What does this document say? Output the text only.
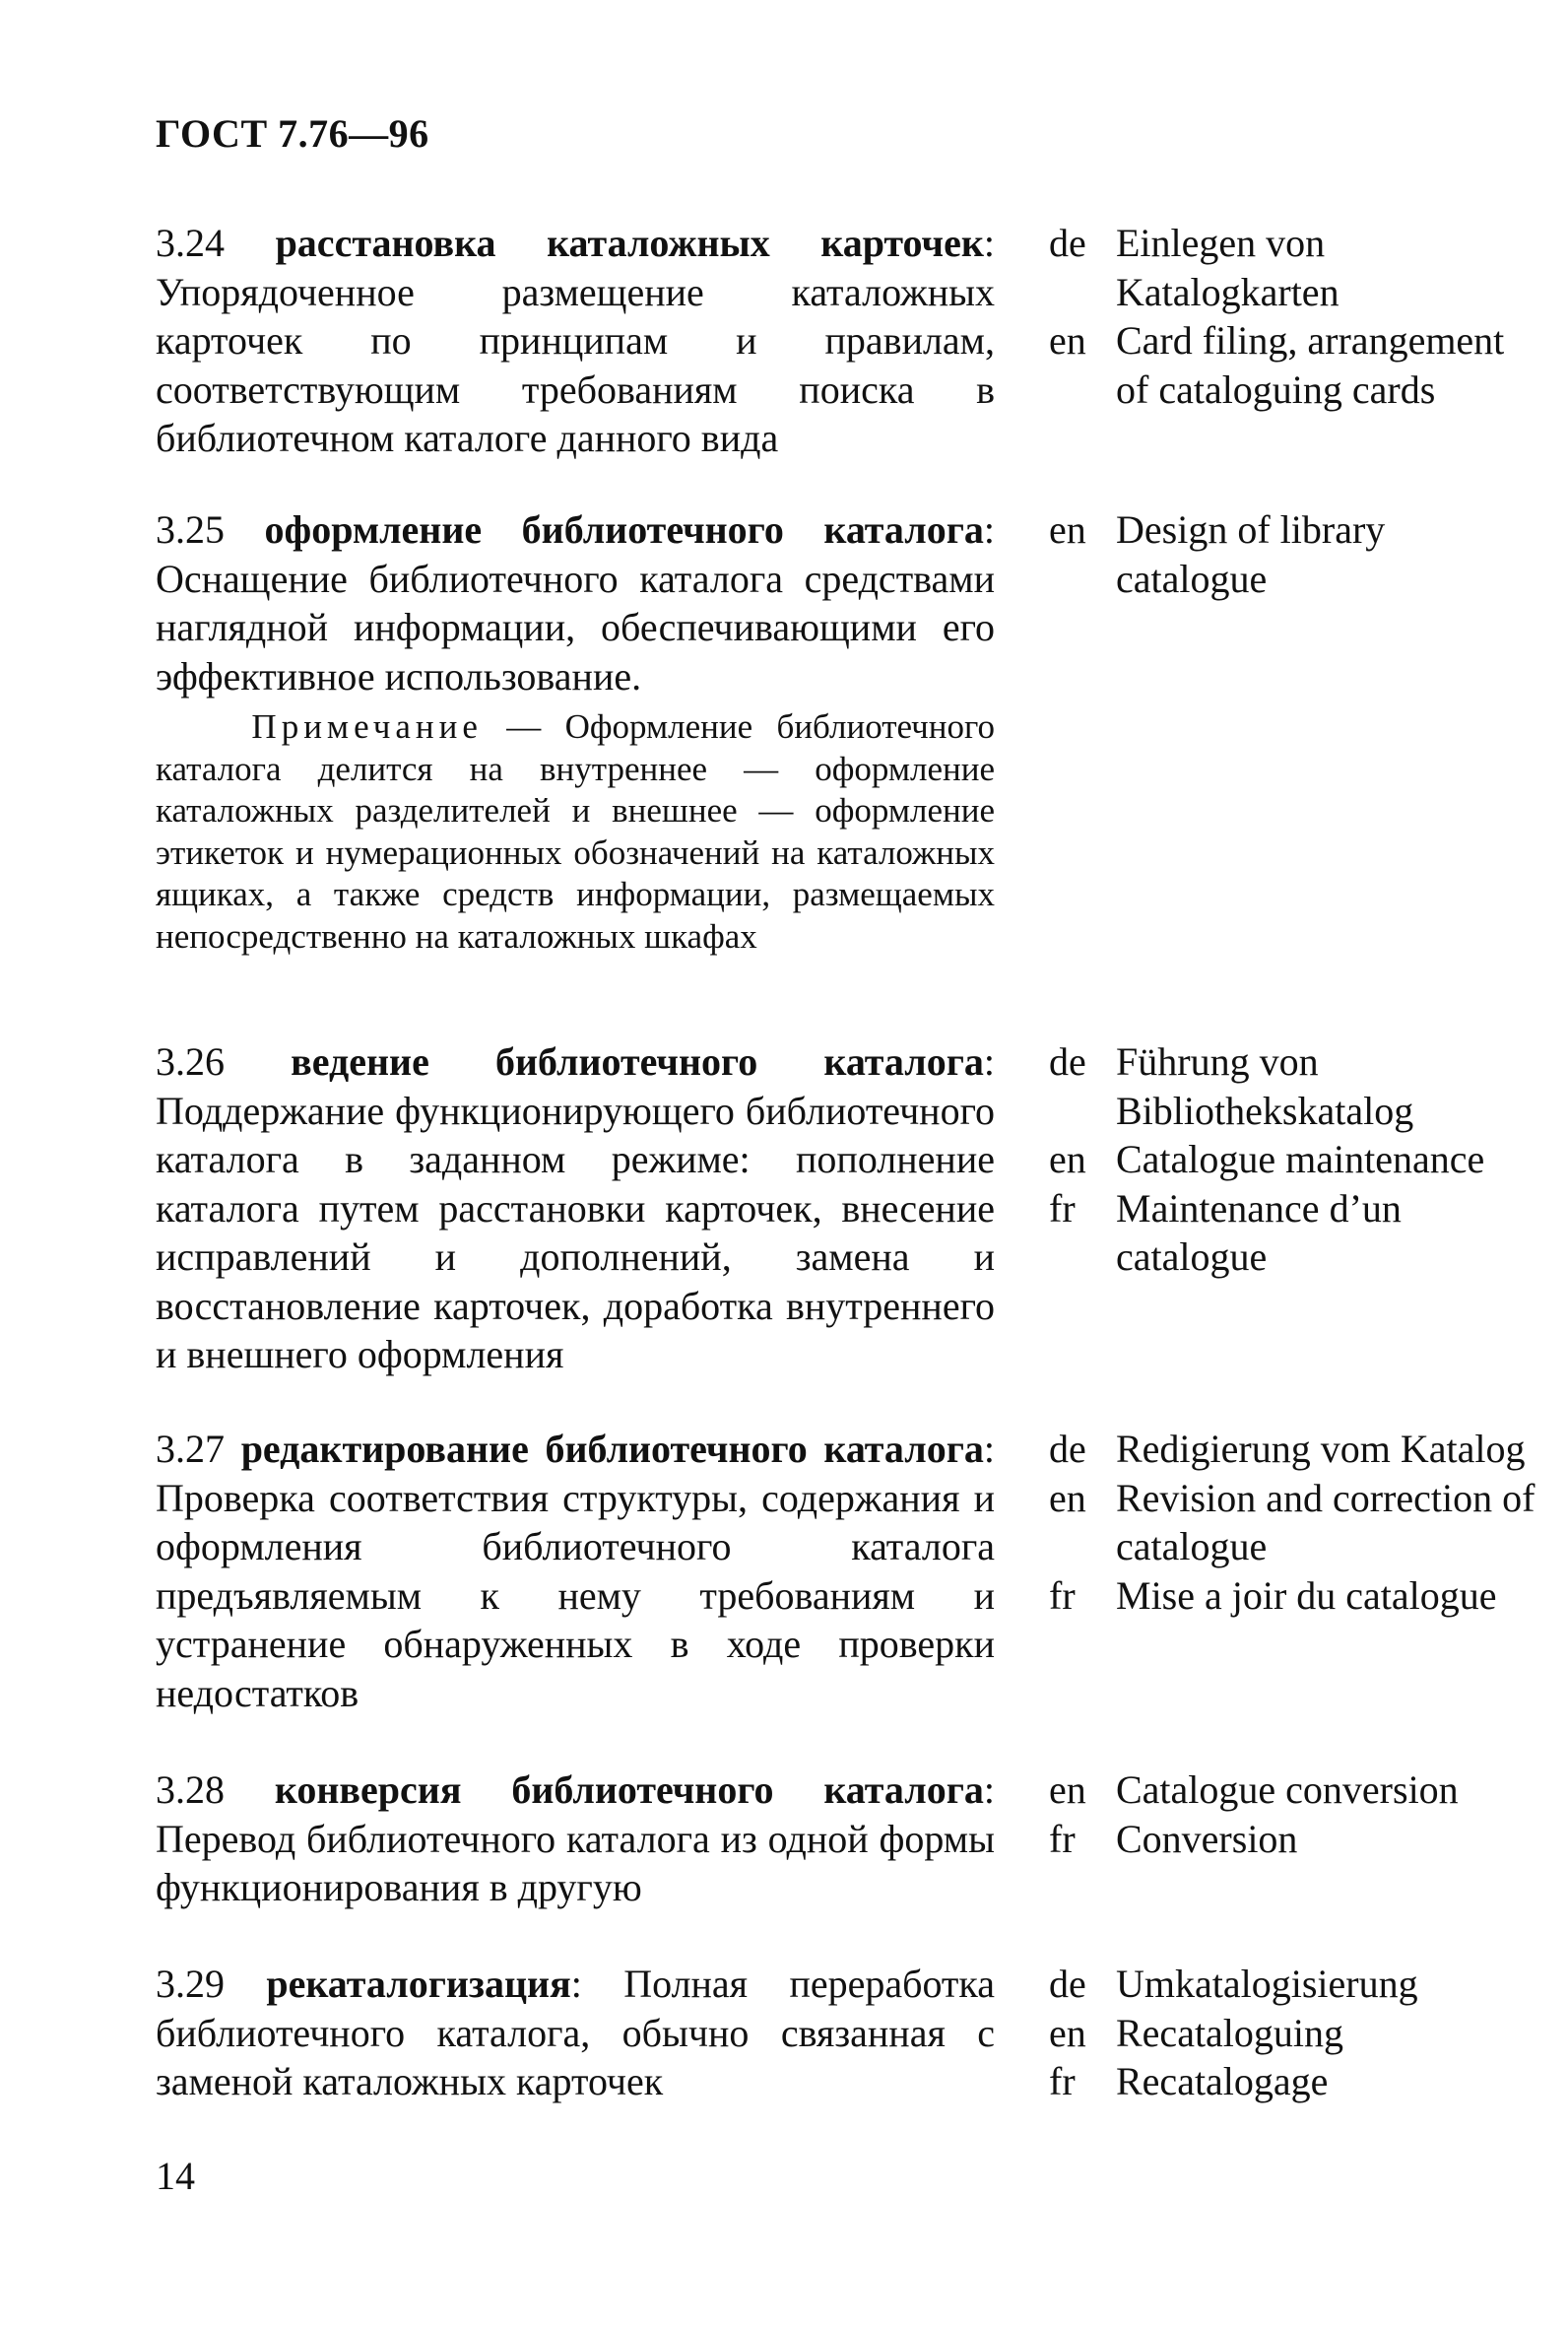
ГОСТ 7.76—96
3.24 расстановка каталожных карточек: Упорядоченное размещение каталожных карточек по принципам и правилам, соответствующим требованиям поиска в библиотечном каталоге данного вида
de Einlegen von Katalogkarten
en Card filing, arrangement of cataloguing cards
3.25 оформление библиотечного каталога: Оснащение библиотечного каталога средствами наглядной информации, обеспечивающими его эффективное использование.
Примечание — Оформление библиотечного каталога делится на внутреннее — оформление каталожных разделителей и внешнее — оформление этикеток и нумерационных обозначений на каталожных ящиках, а также средств информации, размещаемых непосредственно на каталожных шкафах
en Design of library catalogue
3.26 ведение библиотечного каталога: Поддержание функционирующего библиотечного каталога в заданном режиме: пополнение каталога путем расстановки карточек, внесение исправлений и дополнений, замена и восстановление карточек, доработка внутреннего и внешнего оформления
de Führung von Bibliothekskatalog
en Catalogue maintenance
fr	Maintenance d’un catalogue
3.27 редактирование библиотечного каталога: Проверка соответствия структуры, содержания и оформления библиотечного каталога предъявляемым к нему требованиям и устранение обнаруженных в ходе проверки недостатков
de Redigierung vom Katalog
en Revision and correction of catalogue
fr	Mise a joir du catalogue
3.28 конверсия библиотечного каталога: Перевод библиотечного каталога из одной формы функционирования в другую
en Catalogue conversion
fr	Conversion
3.29 рекаталогизация: Полная переработка библиотечного каталога, обычно связанная с заменой каталожных карточек
de Umkatalogisierung
en Recataloguing
fr	Recatalogage
14
